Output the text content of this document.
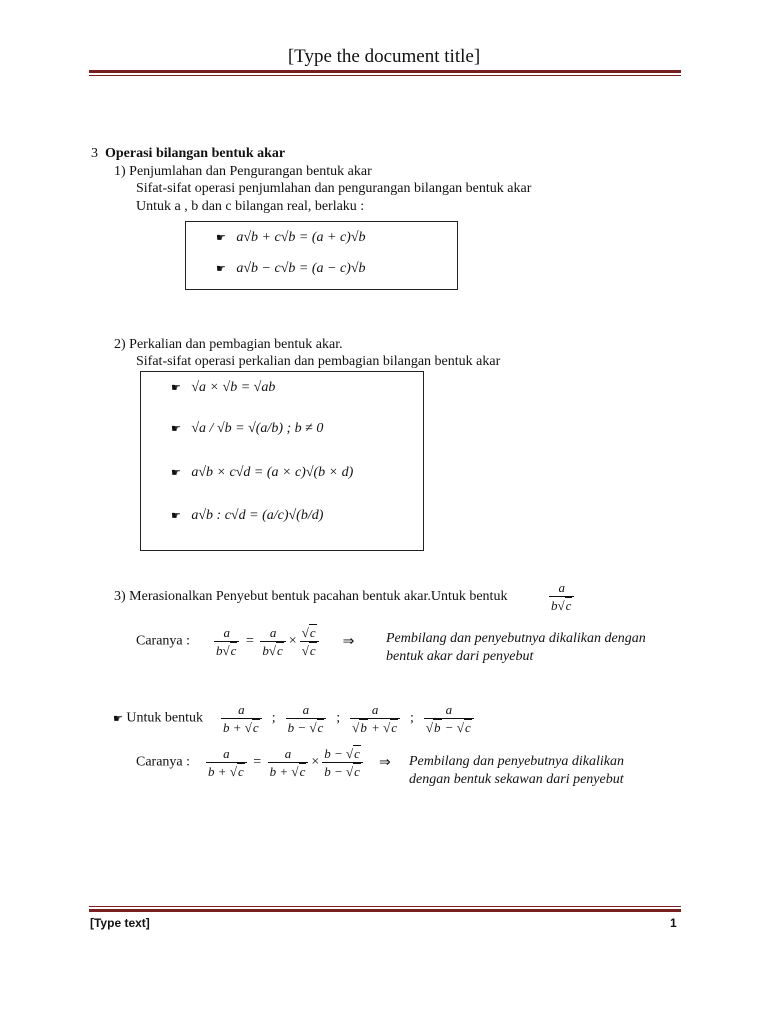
[Type the document title]
3 Operasi bilangan bentuk akar
1) Penjumlahan dan Pengurangan bentuk akar
Sifat-sifat operasi penjumlahan dan pengurangan bilangan bentuk akar
Untuk a , b dan c bilangan real, berlaku :
☛ a√b + c√b = (a + c)√b
☛ a√b − c√b = (a − c)√b
2) Perkalian dan pembagian bentuk akar.
Sifat-sifat operasi perkalian dan pembagian bilangan bentuk akar
☛ √a × √b = √ab
☛ √a / √b = √(a/b) ; b ≠ 0
☛ a√b × c√d = (a × c)√(b × d)
☛ a√b : c√d = (a/c)√(b/d)
3) Merasionalkan Penyebut bentuk pacahan bentuk akar.Untuk bentuk	$\frac{a}{b√c}$
Caranya : $\frac{a}{b√c} = \frac{a}{b√c} \times \frac{√c}{√c}$ ⇒ Pembilang dan penyebutnya dikalikan dengan bentuk akar dari penyebut
☛ Untuk bentuk $\frac{a}{b + √c}$ ; $\frac{a}{b - √c}$ ; $\frac{a}{√b + √c}$ ; $\frac{a}{√b - √c}$
Caranya : $\frac{a}{b + √c} = \frac{a}{b + √c} \times \frac{b - √c}{b - √c}$ ⇒ Pembilang dan penyebutnya dikalikan dengan bentuk sekawan dari penyebut
[Type text]	1
